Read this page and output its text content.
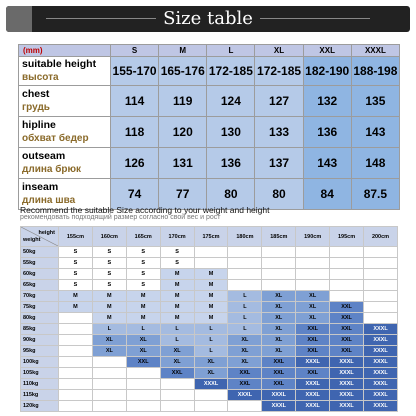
Size table
(mm)	S	M	L	XL	XXL	XXXL

suitable height
высота	155-170	165-176	172-185	172-185	182-190	188-198

chest
грудь	114	119	124	127	132	135

hipline
обхват бедер	118	120	130	133	136	143

outseam
длина брюк	126	131	136	137	143	148

inseam
длина шва	74	77	80	80	84	87.5
Recommend the suitable Size according to your weight and height
рекомендовать подходящий размер согласно свой вес и рост
height
weight	155cm	160cm	165cm	170cm	175cm	180cm	185cm	190cm	195cm	200cm
50kg	S	S	S	S						
55kg	S	S	S	S						
60kg	S	S	S	M	M					
65kg	S	S	S	M	M					
70kg	M	M	M	M	M	L	XL	XL		
75kg	M	M	M	M	M	L	XL	XL	XXL	
80kg		M	M	M	M	L	XL	XL	XXL	
85kg		L	L	L	L	L	XL	XXL	XXL	XXXL
90kg		XL	XL	L	L	XL	XL	XXL	XXL	XXXL
95kg		XL	XL	XL	L	XL	XL	XXL	XXL	XXXL
100kg			XXL	XL	XL	XL	XXL	XXXL	XXXL	XXXL
105kg				XXL	XL	XXL	XXL	XXL	XXXL	XXXL
110kg					XXXL	XXL	XXL	XXXL	XXXL	XXXL
115kg						XXXL	XXXL	XXXL	XXXL	XXXL
120kg							XXXL	XXXL	XXXL	XXXL
